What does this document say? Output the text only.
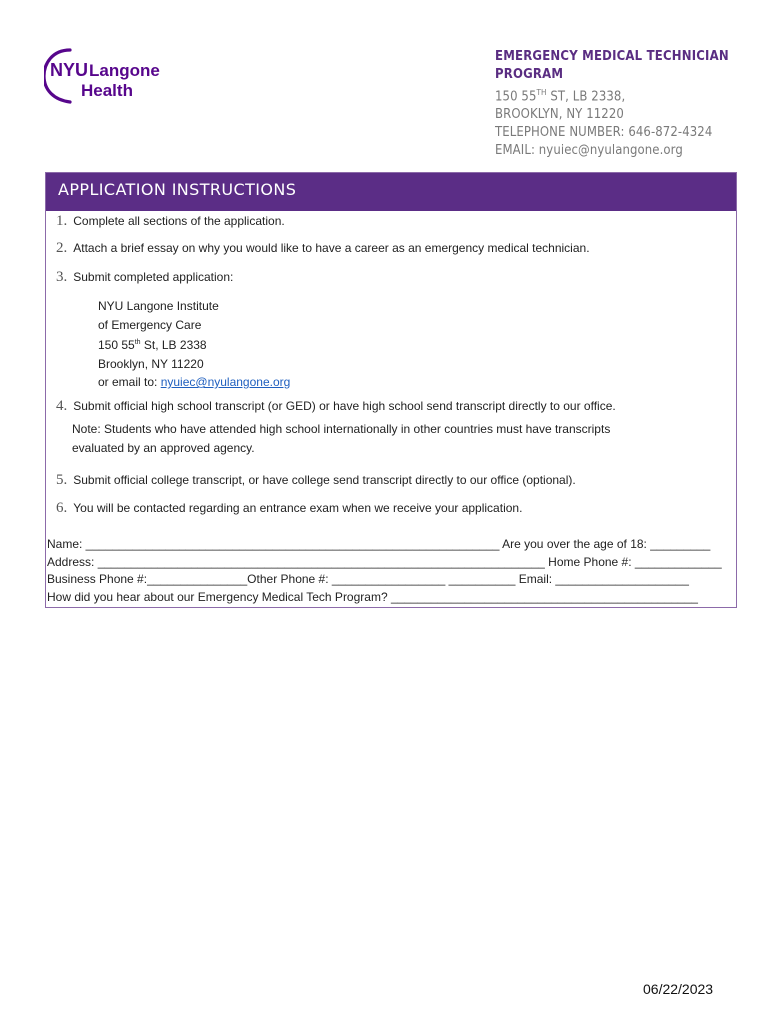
NYU Langone
Health
EMERGENCY MEDICAL TECHNICIAN
PROGRAM
150 55TH ST, LB 2338,
BROOKLYN, NY 11220
TELEPHONE NUMBER: 646-872-4324
EMAIL: nyuiec@nyulangone.org
APPLICATION INSTRUCTIONS
1. Complete all sections of the application.
2. Attach a brief essay on why you would like to have a career as an emergency medical technician.
3. Submit completed application:
NYU Langone Institute
of Emergency Care
150 55th St, LB 2338
Brooklyn, NY 11220
or email to: nyuiec@nyulangone.org
4. Submit official high school transcript (or GED) or have high school send transcript directly to our office.
Note: Students who have attended high school internationally in other countries must have transcripts
evaluated by an approved agency.
5. Submit official college transcript, or have college send transcript directly to our office (optional).
6. You will be contacted regarding an entrance exam when we receive your application.
Name: ______________________________________________________________ Are you over the age of 18: _________
Address: ___________________________________________________________________ Home Phone #: _____________
Business Phone #:_______________Other Phone #: _________________ __________ Email: ____________________
How did you hear about our Emergency Medical Tech Program? ______________________________________________
06/22/2023
